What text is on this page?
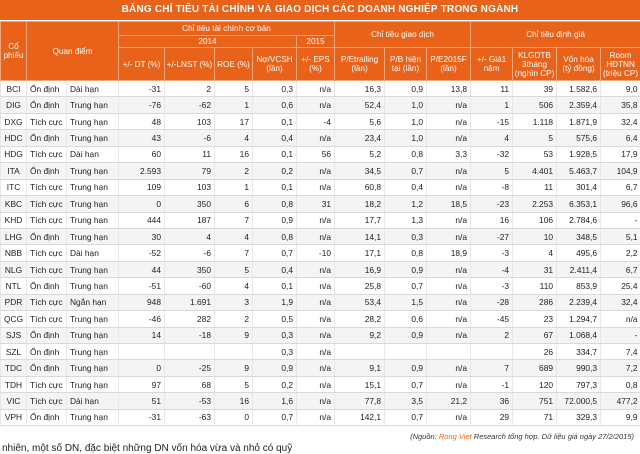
BẢNG CHỈ TIÊU TÀI CHÍNH VÀ GIAO DỊCH CÁC DOANH NGHIỆP TRONG NGÀNH
Cổ phiếu	Quan điểm		Chỉ tiêu tài chính cơ bản					Chỉ tiêu giao dịch			Chỉ tiêu định giá			
			2014				2015							
			+/- DT (%)	+/-LNST (%)	ROE (%)	Nợ/VCSH (lần)	+/- EPS (%)	P/Etrailing (lần)	P/B hiện tại (lần)	P/E2015F (lần)	+/- Giá1 năm	KLGDTB 3tháng (nghìn CP)	Vốn hóa (tỷ đồng)	Room HĐTNN (triệu CP)
BCI	Ổn định	Dài hạn	-31	2	5	0,3	n/a	16,3	0,9	13,8	11	39	1.582,6	9,0
DIG	Ổn định	Trung hạn	-76	-62	1	0,6	n/a	52,4	1,0	n/a	1	506	2.359,4	35,8
DXG	Tích cực	Trung hạn	48	103	17	0,1	-4	5,6	1,0	n/a	-15	1.118	1.871,9	32,4
HDC	Ổn định	Trung hạn	43	-6	4	0,4	n/a	23,4	1,0	n/a	4	5	575,6	6,4
HDG	Tích cực	Dài hạn	60	11	16	0,1	56	5,2	0,8	3,3	-32	53	1.928,5	17,9
ITA	Ổn định	Trung hạn	2.593	79	2	0,2	n/a	34,5	0,7	n/a	5	4.401	5.463,7	104,9
ITC	Tích cực	Trung hạn	109	103	1	0,1	n/a	60,8	0,4	n/a	-8	11	301,4	6,7
KBC	Tích cực	Trung hạn	0	350	6	0,8	31	18,2	1,2	18,5	-23	2.253	6.353,1	96,6
KHD	Tích cực	Trung hạn	444	187	7	0,9	n/a	17,7	1,3	n/a	16	106	2.784,6	-
LHG	Ổn định	Trung hạn	30	4	4	0,8	n/a	14,1	0,3	n/a	-27	10	348,5	5,1
NBB	Tích cực	Dài hạn	-52	-6	7	0,7	-10	17,1	0,8	18,9	-3	4	495,6	2,2
NLG	Tích cực	Trung hạn	44	350	5	0,4	n/a	16,9	0,9	n/a	-4	31	2.411,4	6,7
NTL	Ổn định	Trung hạn	-51	-60	4	0,1	n/a	25,8	0,7	n/a	-3	110	853,9	25,4
PDR	Tích cực	Ngắn hạn	948	1.691	3	1,9	n/a	53,4	1,5	n/a	-28	286	2.239,4	32,4
QCG	Tích cực	Trung hạn	-46	282	2	0,5	n/a	28,2	0,6	n/a	-45	23	1.294,7	n/a
SJS	Ổn định	Trung hạn	14	-18	9	0,3	n/a	9,2	0,9	n/a	2	67	1.068,4	-
SZL	Ổn định	Trung hạn				0,3	n/a					26	334,7	7,4
TDC	Ổn định	Trung hạn	0	-25	9	0,9	n/a	9,1	0,9	n/a	7	689	990,3	7,2
TDH	Tích cực	Trung hạn	97	68	5	0,2	n/a	15,1	0,7	n/a	-1	120	797,3	0,8
VIC	Tích cực	Dài hạn	51	-53	16	1,6	n/a	77,8	3,5	21,2	36	751	72.000,5	477,2
VPH	Ổn định	Trung hạn	-31	-63	0	0,7	n/a	142,1	0,7	n/a	29	71	329,3	9,9
(Nguồn: Rong Viet Research tổng hợp. Dữ liệu giá ngày 27/2/2015)
nhiên, một số DN, đặc biệt những DN vốn hóa vừa và nhỏ có quỹ
